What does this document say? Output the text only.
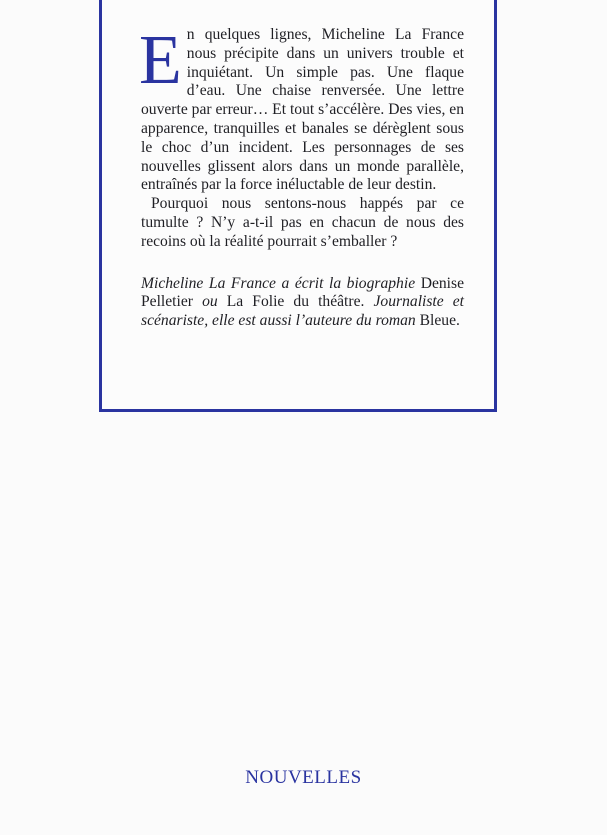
En quelques lignes, Micheline La France nous précipite dans un univers trouble et inquiétant. Un simple pas. Une flaque d’eau. Une chaise renversée. Une lettre ouverte par erreur… Et tout s’accélère. Des vies, en apparence, tranquilles et banales se dérèglent sous le choc d’un incident. Les personnages de ses nouvelles glissent alors dans un monde parallèle, entraînés par la force inéluctable de leur destin.

Pourquoi nous sentons-nous happés par ce tumulte ? N’y a-t-il pas en chacun de nous des recoins où la réalité pourrait s’emballer ?

Micheline La France a écrit la biographie Denise Pelletier ou La Folie du théâtre. Journaliste et scénariste, elle est aussi l’auteure du roman Bleue.

NOUVELLES
